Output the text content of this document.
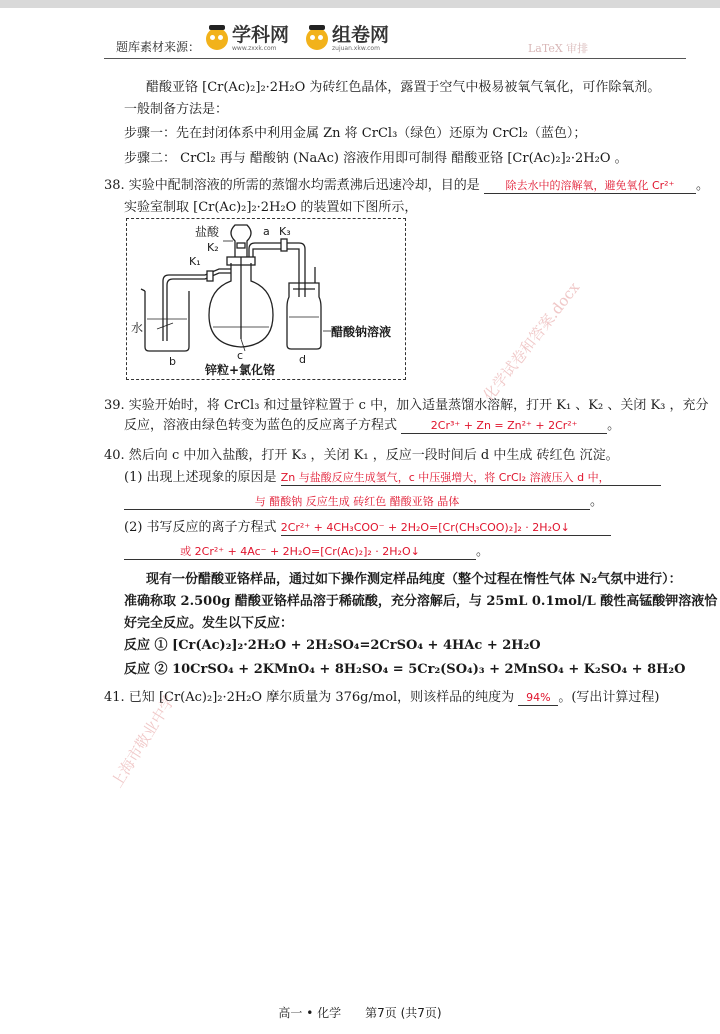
题库素材来源：
学科网
www.zxxk.com
组卷网
zujuan.xkw.com	LaTeX 审排
上海市敬业中学
化学试卷和答案.docx
醋酸亚铬 [Cr(Ac)₂]₂·2H₂O 为砖红色晶体，露置于空气中极易被氧气氧化，可作除氧剂。
一般制备方法是：
步骤一：先在封闭体系中利用金属 Zn 将 CrCl₃（绿色）还原为 CrCl₂（蓝色）；
步骤二： CrCl₂ 再与 醋酸钠 (NaAc) 溶液作用即可制得 醋酸亚铬 [Cr(Ac)₂]₂·2H₂O 。
38. 实验中配制溶液的所需的蒸馏水均需煮沸后迅速冷却，目的是 除去水中的溶解氧，避免氧化 Cr²⁺ 。
实验室制取 [Cr(Ac)₂]₂·2H₂O 的装置如下图所示，
盐酸	a
K₂
K₁
K₃
水
b	c	d
醋酸钠溶液
锌粒+氯化铬
39. 实验开始时，将 CrCl₃ 和过量锌粒置于 c 中，加入适量蒸馏水溶解，打开 K₁ 、K₂ 、关闭 K₃ ，充分
反应，溶液由绿色转变为蓝色的反应离子方程式	2Cr³⁺ + Zn = Zn²⁺ + 2Cr²⁺ 。
40. 然后向 c 中加入盐酸，打开 K₃ ，关闭 K₁ ，反应一段时间后 d 中生成 砖红色 沉淀。
(1) 出现上述现象的原因是 Zn 与盐酸反应生成氢气，c 中压强增大，将 CrCl₂ 溶液压入 d 中，
与 醋酸钠 反应生成 砖红色 醋酸亚铬 晶体	。
(2) 书写反应的离子方程式 2Cr²⁺ + 4CH₃COO⁻ + 2H₂O=[Cr(CH₃COO)₂]₂ · 2H₂O↓
或 2Cr²⁺ + 4Ac⁻ + 2H₂O=[Cr(Ac)₂]₂ · 2H₂O↓	。
现有一份醋酸亚铬样品，通过如下操作测定样品纯度（整个过程在惰性气体 N₂气氛中进行）：
准确称取 2.500g 醋酸亚铬样品溶于稀硫酸，充分溶解后，与 25mL 0.1mol/L 酸性高锰酸钾溶液恰
好完全反应。发生以下反应：
反应 ① [Cr(Ac)₂]₂·2H₂O + 2H₂SO₄=2CrSO₄ + 4HAc + 2H₂O
反应 ② 10CrSO₄ + 2KMnO₄ + 8H₂SO₄ = 5Cr₂(SO₄)₃ + 2MnSO₄ + K₂SO₄ + 8H₂O
41. 已知 [Cr(Ac)₂]₂·2H₂O 摩尔质量为 376g/mol，则该样品的纯度为 94% 。(写出计算过程)
高一 • 化学　　第7页 (共7页)
